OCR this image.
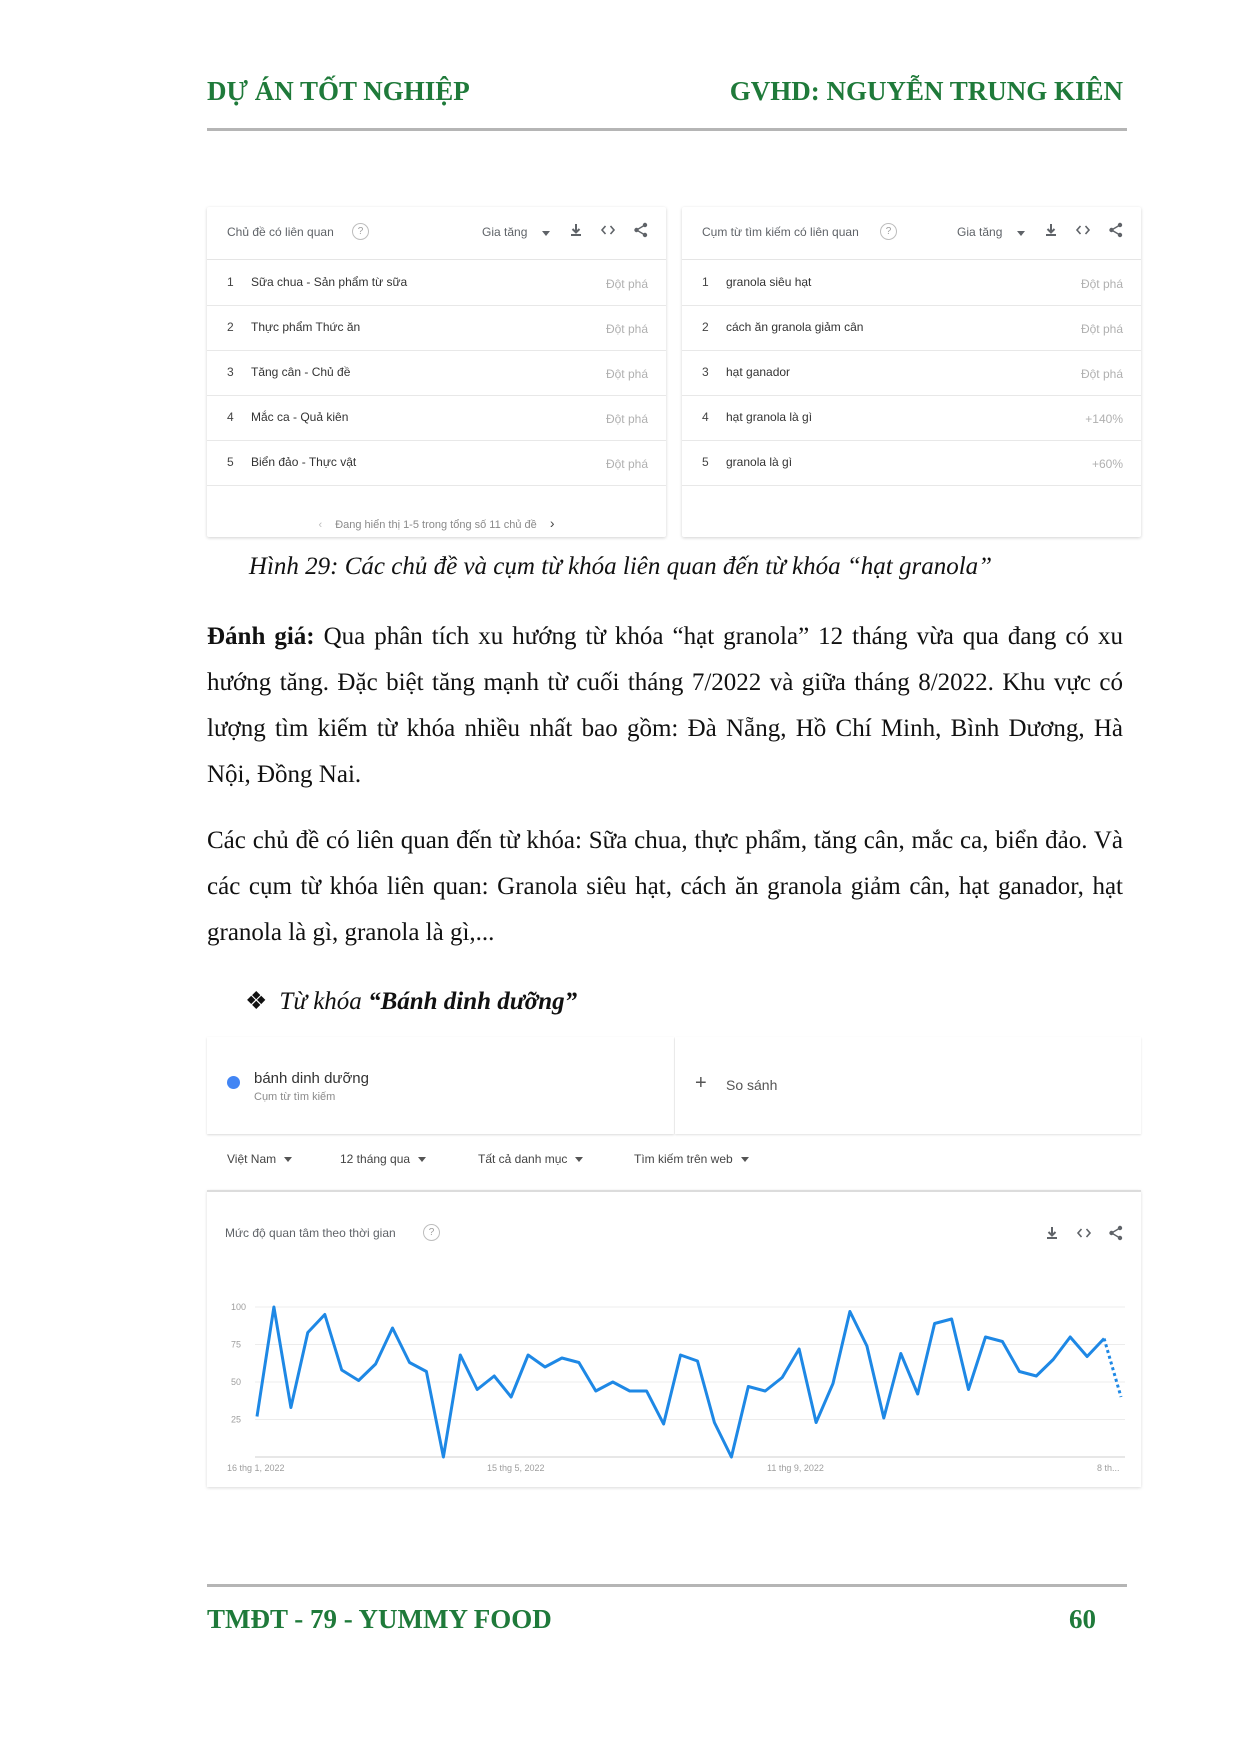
DỰ ÁN TỐT NGHIỆP	GVHD: NGUYỄN TRUNG KIÊN
Chủ đề có liên quan	?	Gia tăng
1 Sữa chua - Sản phẩm từ sữa	Đột phá
2 Thực phẩm Thức ăn	Đột phá
3 Tăng cân - Chủ đề	Đột phá
4 Mắc ca - Quả kiên	Đột phá
5 Biển đảo - Thực vật	Đột phá
‹ Đang hiển thị 1-5 trong tổng số 11 chủ đề ›
Cụm từ tìm kiếm có liên quan	?	Gia tăng
1 granola siêu hạt	Đột phá
2 cách ăn granola giảm cân	Đột phá
3 hạt ganador	Đột phá
4 hạt granola là gì	+140%
5 granola là gì	+60%
Hình 29: Các chủ đề và cụm từ khóa liên quan đến từ khóa “hạt granola”
Đánh giá: Qua phân tích xu hướng từ khóa “hạt granola” 12 tháng vừa qua đang có xu hướng tăng. Đặc biệt tăng mạnh từ cuối tháng 7/2022 và giữa tháng 8/2022. Khu vực có lượng tìm kiếm từ khóa nhiều nhất bao gồm: Đà Nẵng, Hồ Chí Minh, Bình Dương, Hà Nội, Đồng Nai.
Các chủ đề có liên quan đến từ khóa: Sữa chua, thực phẩm, tăng cân, mắc ca, biển đảo. Và các cụm từ khóa liên quan: Granola siêu hạt, cách ăn granola giảm cân, hạt ganador, hạt granola là gì, granola là gì,...
❖ Từ khóa “Bánh dinh dưỡng”
bánh dinh dưỡng
Cụm từ tìm kiếm
+ So sánh
Việt Nam	12 tháng qua	Tất cả danh mục	Tìm kiếm trên web
Mức độ quan tâm theo thời gian	?
100
75
50
25
16 thg 1, 2022	15 thg 5, 2022	11 thg 9, 2022	8 th...
TMĐT - 79 - YUMMY FOOD	60
